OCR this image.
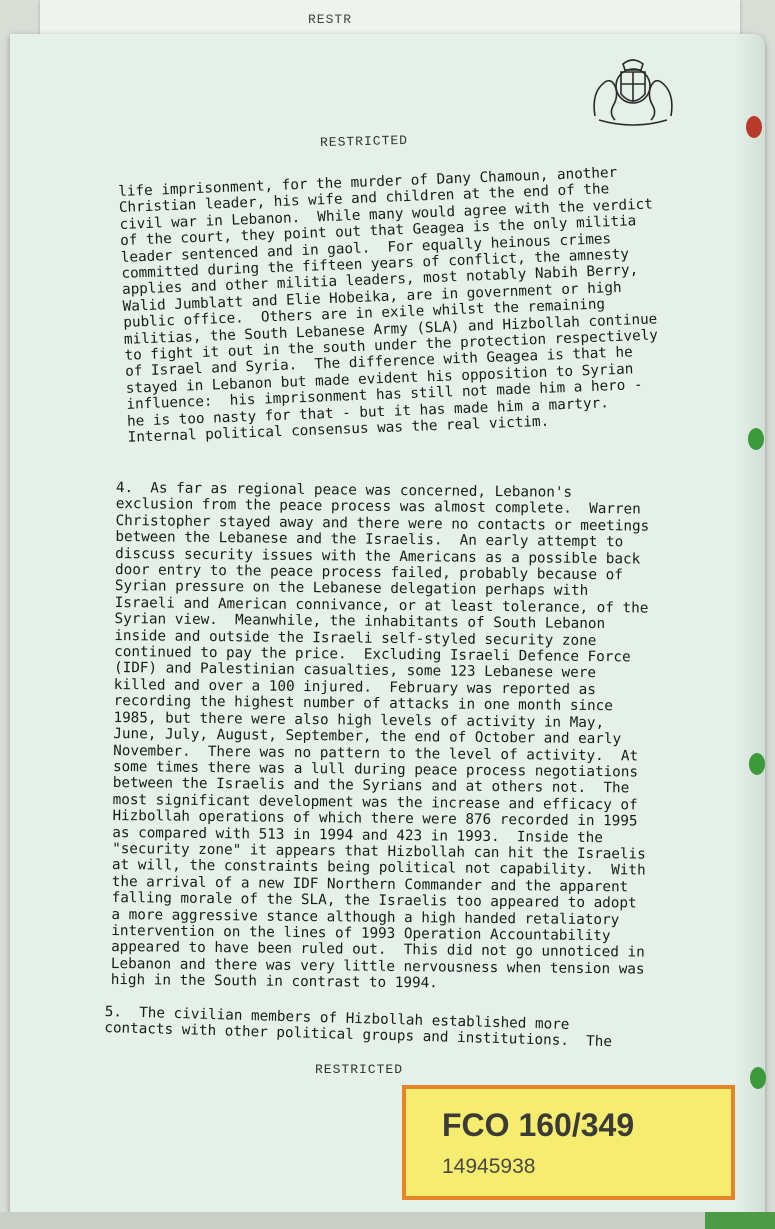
RESTR
RESTRICTED
life imprisonment, for the murder of Dany Chamoun, another
Christian leader, his wife and children at the end of the
civil war in Lebanon.  While many would agree with the verdict
of the court, they point out that Geagea is the only militia
leader sentenced and in gaol.  For equally heinous crimes
committed during the fifteen years of conflict, the amnesty
applies and other militia leaders, most notably Nabih Berry,
Walid Jumblatt and Elie Hobeika, are in government or high
public office.  Others are in exile whilst the remaining
militias, the South Lebanese Army (SLA) and Hizbollah continue
to fight it out in the south under the protection respectively
of Israel and Syria.  The difference with Geagea is that he
stayed in Lebanon but made evident his opposition to Syrian
influence:  his imprisonment has still not made him a hero -
he is too nasty for that - but it has made him a martyr.
Internal political consensus was the real victim.
4.  As far as regional peace was concerned, Lebanon's
exclusion from the peace process was almost complete.  Warren
Christopher stayed away and there were no contacts or meetings
between the Lebanese and the Israelis.  An early attempt to
discuss security issues with the Americans as a possible back
door entry to the peace process failed, probably because of
Syrian pressure on the Lebanese delegation perhaps with
Israeli and American connivance, or at least tolerance, of the
Syrian view.  Meanwhile, the inhabitants of South Lebanon
inside and outside the Israeli self-styled security zone
continued to pay the price.  Excluding Israeli Defence Force
(IDF) and Palestinian casualties, some 123 Lebanese were
killed and over a 100 injured.  February was reported as
recording the highest number of attacks in one month since
1985, but there were also high levels of activity in May,
June, July, August, September, the end of October and early
November.  There was no pattern to the level of activity.  At
some times there was a lull during peace process negotiations
between the Israelis and the Syrians and at others not.  The
most significant development was the increase and efficacy of
Hizbollah operations of which there were 876 recorded in 1995
as compared with 513 in 1994 and 423 in 1993.  Inside the
"security zone" it appears that Hizbollah can hit the Israelis
at will, the constraints being political not capability.  With
the arrival of a new IDF Northern Commander and the apparent
falling morale of the SLA, the Israelis too appeared to adopt
a more aggressive stance although a high handed retaliatory
intervention on the lines of 1993 Operation Accountability
appeared to have been ruled out.  This did not go unnoticed in
Lebanon and there was very little nervousness when tension was
high in the South in contrast to 1994.
5.  The civilian members of Hizbollah established more
contacts with other political groups and institutions.  The
RESTRICTED
FCO 160/349
14945938
